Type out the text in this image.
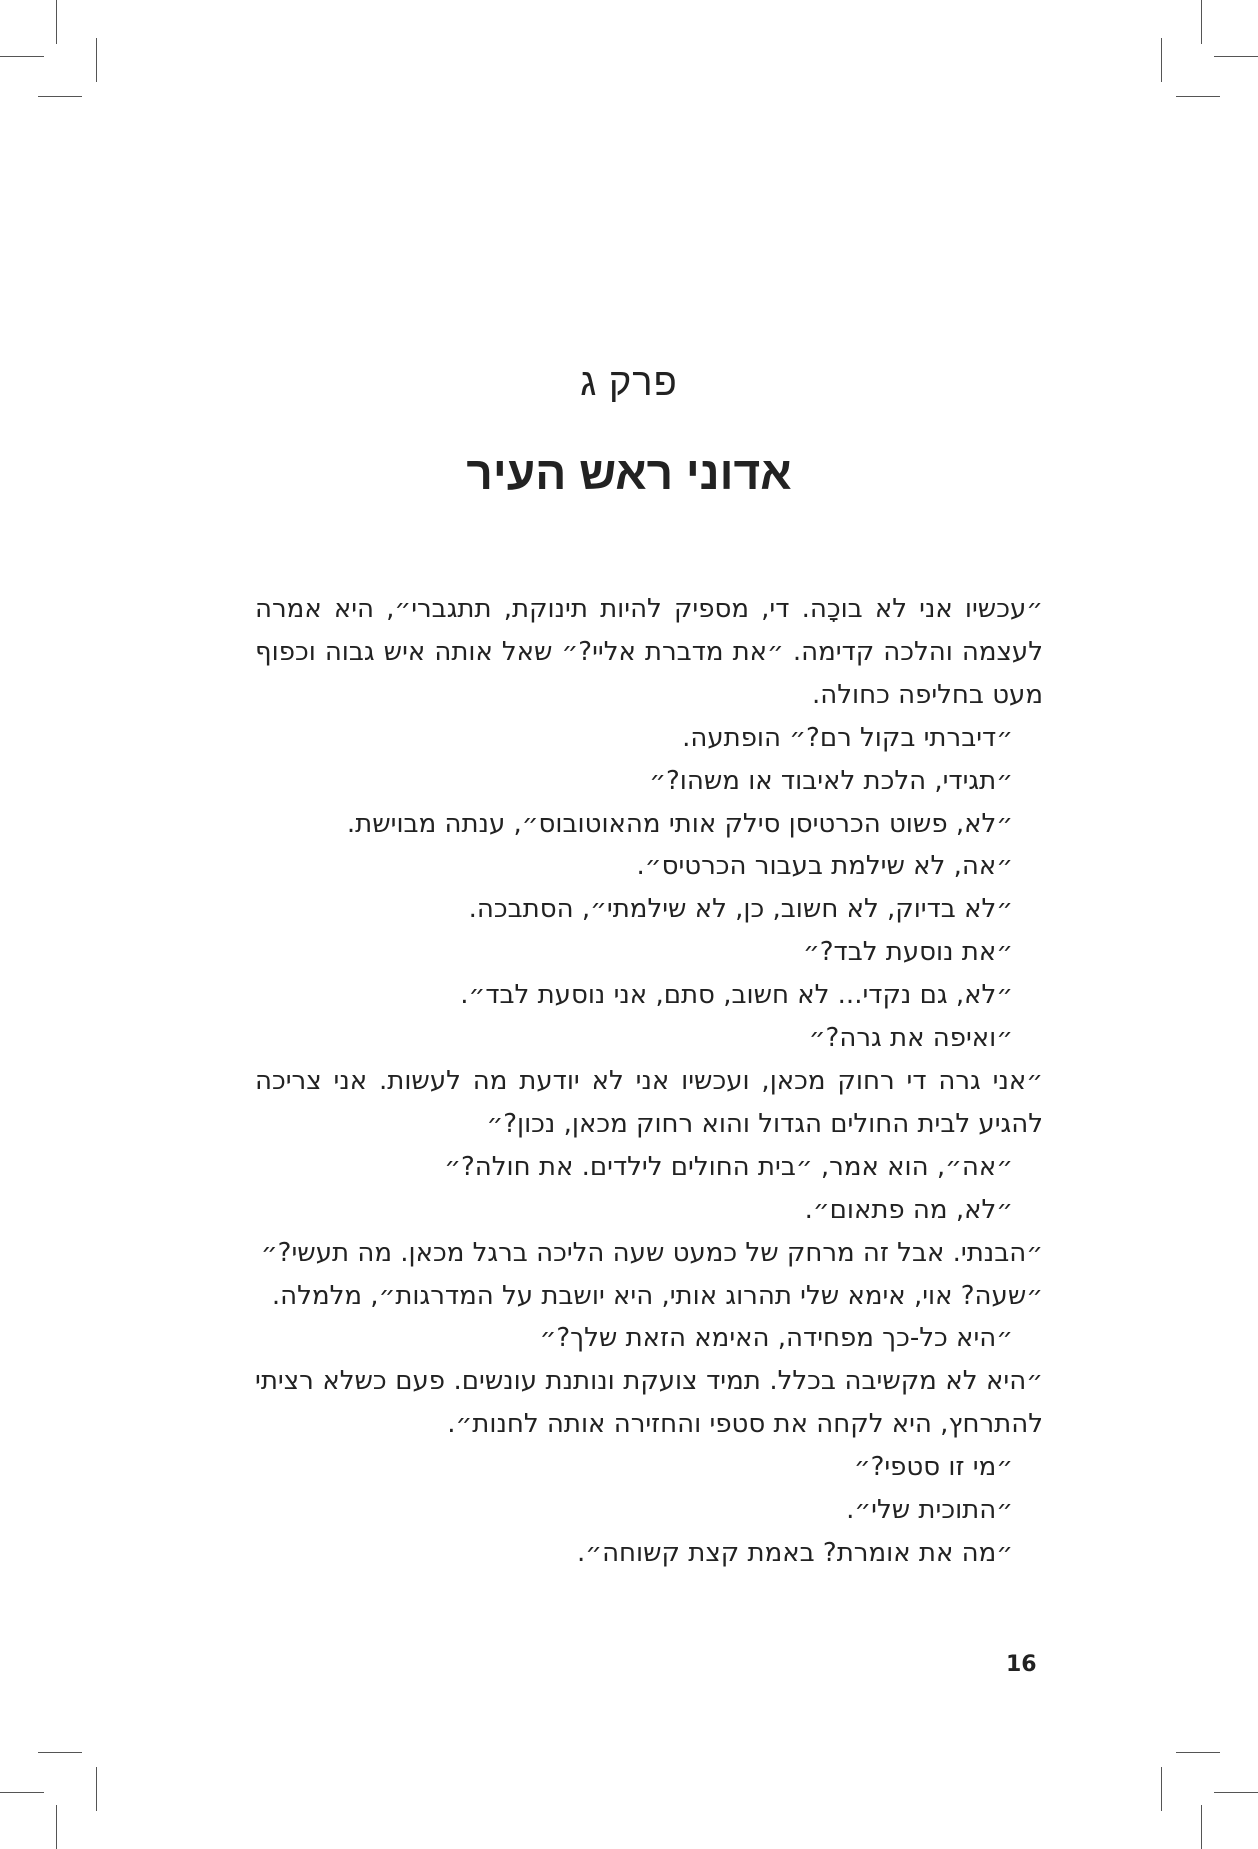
פרק ג
אדוני ראש העיר

״עכשיו אני לא בוכָה. די, מספיק להיות תינוקת, תתגברי״, היא אמרה לעצמה והלכה קדימה. ״את מדברת אליי?״ שאל אותה איש גבוה וכפוף מעט בחליפה כחולה.

״דיברתי בקול רם?״ הופתעה.

״תגידי, הלכת לאיבוד או משהו?״

״לא, פשוט הכרטיסן סילק אותי מהאוטובוס״, ענתה מבוישת.

״אה, לא שילמת בעבור הכרטיס״.

״לא בדיוק, לא חשוב, כן, לא שילמתי״, הסתבכה.

״את נוסעת לבד?״

״לא, גם נקדי... לא חשוב, סתם, אני נוסעת לבד״.

״ואיפה את גרה?״

״אני גרה די רחוק מכאן, ועכשיו אני לא יודעת מה לעשות. אני צריכה להגיע לבית החולים הגדול והוא רחוק מכאן, נכון?״

״אה״, הוא אמר, ״בית החולים לילדים. את חולה?״

״לא, מה פתאום״.

״הבנתי. אבל זה מרחק של כמעט שעה הליכה ברגל מכאן. מה תעשי?״

״שעה? אוי, אימא שלי תהרוג אותי, היא יושבת על המדרגות״, מלמלה.

״היא כל-כך מפחידה, האימא הזאת שלך?״

״היא לא מקשיבה בכלל. תמיד צועקת ונותנת עונשים. פעם כשלא רציתי להתרחץ, היא לקחה את סטפי והחזירה אותה לחנות״.

״מי זו סטפי?״

״התוכית שלי״.

״מה את אומרת? באמת קצת קשוחה״.

16
